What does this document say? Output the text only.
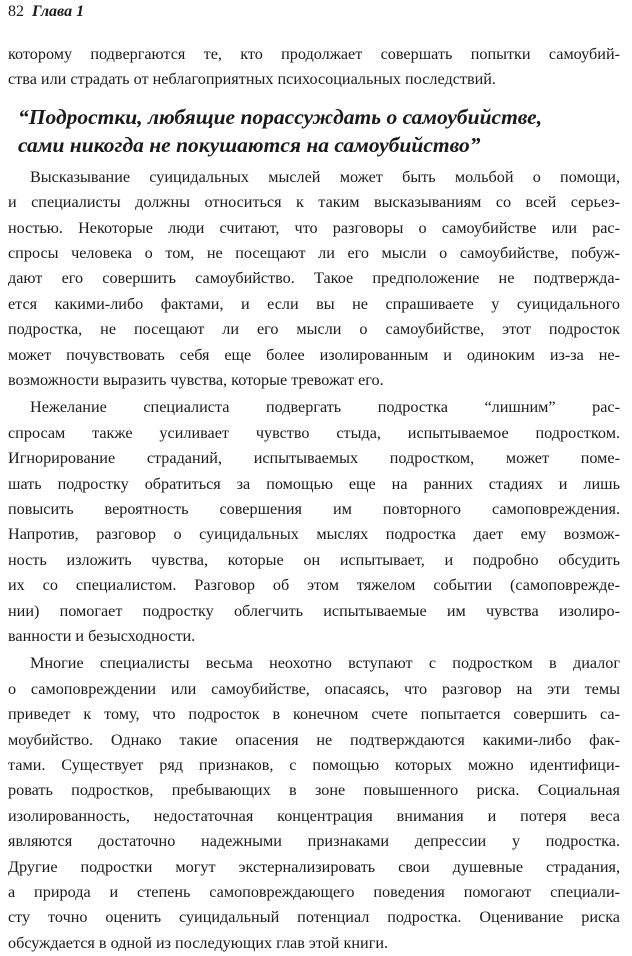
82 Глава 1
которому подвергаются те, кто продолжает совершать попытки самоубий-
ства или страдать от неблагоприятных психосоциальных последствий.
“Подростки, любящие порассуждать о самоубийстве,
сами никогда не покушаются на самоубийство”
Высказывание суицидальных мыслей может быть мольбой о помощи,
и специалисты должны относиться к таким высказываниям со всей серьез-
ностью. Некоторые люди считают, что разговоры о самоубийстве или рас-
спросы человека о том, не посещают ли его мысли о самоубийстве, побуж-
дают его совершить самоубийство. Такое предположение не подтвержда-
ется какими-либо фактами, и если вы не спрашиваете у суицидального
подростка, не посещают ли его мысли о самоубийстве, этот подросток
может почувствовать себя еще более изолированным и одиноким из-за не-
возможности выразить чувства, которые тревожат его.
Нежелание специалиста подвергать подростка “лишним” рас-
спросам также усиливает чувство стыда, испытываемое подростком.
Игнорирование страданий, испытываемых подростком, может поме-
шать подростку обратиться за помощью еще на ранних стадиях и лишь
повысить вероятность совершения им повторного самоповреждения.
Напротив, разговор о суицидальных мыслях подростка дает ему возмож-
ность изложить чувства, которые он испытывает, и подробно обсудить
их со специалистом. Разговор об этом тяжелом событии (самоповрежде-
нии) помогает подростку облегчить испытываемые им чувства изолиро-
ванности и безысходности.
Многие специалисты весьма неохотно вступают с подростком в диалог
о самоповреждении или самоубийстве, опасаясь, что разговор на эти темы
приведет к тому, что подросток в конечном счете попытается совершить са-
моубийство. Однако такие опасения не подтверждаются какими-либо фак-
тами. Существует ряд признаков, с помощью которых можно идентифици-
ровать подростков, пребывающих в зоне повышенного риска. Социальная
изолированность, недостаточная концентрация внимания и потеря веса
являются достаточно надежными признаками депрессии у подростка.
Другие подростки могут экстернализировать свои душевные страдания,
а природа и степень самоповреждающего поведения помогают специали-
сту точно оценить суицидальный потенциал подростка. Оценивание риска
обсуждается в одной из последующих глав этой книги.
